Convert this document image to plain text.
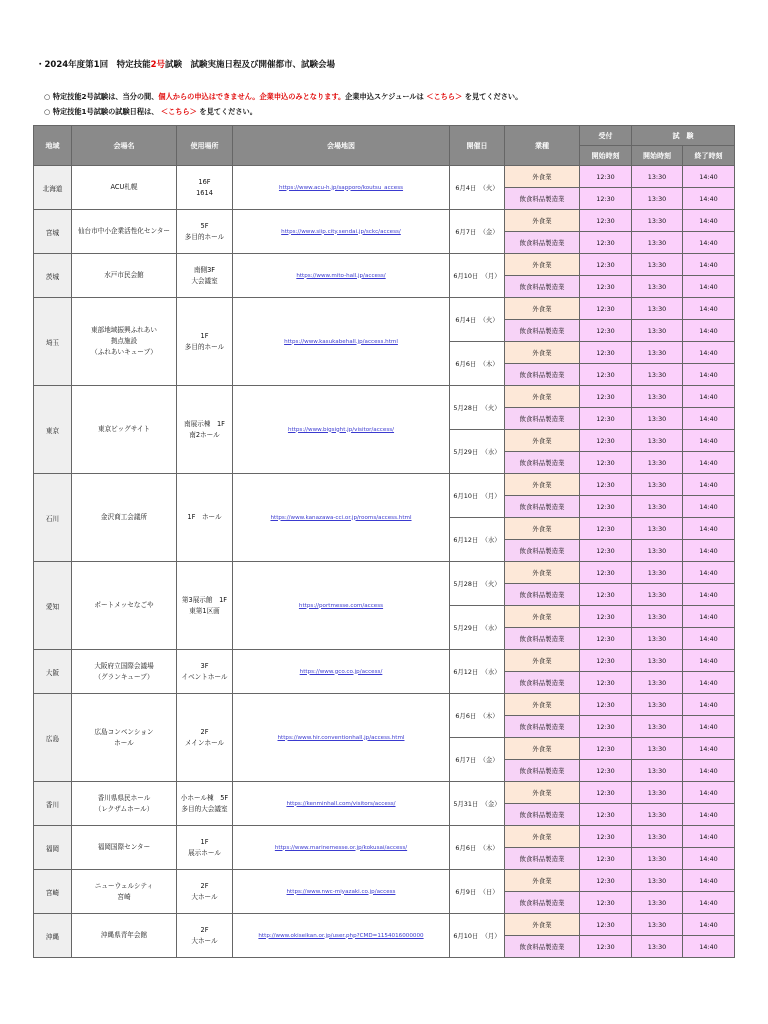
・2024年度第1回　特定技能2号試験　試験実施日程及び開催都市、試験会場
○ 特定技能2号試験は、当分の間、個人からの申込はできません。企業申込のみとなります。企業申込スケジュールは ＜こちら＞ を見てください。
○ 特定技能1号試験の試験日程は、 ＜こちら＞ を見てください。
地域	会場名	使用場所	会場地図	開催日	業種	受付	試　験	
						開始時刻	開始時刻	終了時刻
北海道	ACU札幌	16F
1614	https://www.acu-h.jp/sapporo/koutsu_access	6月4日　（火）	外食業	12:30	13:30	14:40
					飲食料品製造業	12:30	13:30	14:40
宮城	仙台市中小企業活性化センター	5F
多目的ホール	https://www.siip.city.sendai.jp/sckc/access/	6月7日　（金）	外食業	12:30	13:30	14:40
					飲食料品製造業	12:30	13:30	14:40
茨城	水戸市民会館	南側3F
大会議室	https://www.mito-hall.jp/access/	6月10日　（月）	外食業	12:30	13:30	14:40
					飲食料品製造業	12:30	13:30	14:40
埼玉	東部地域振興ふれあい
拠点施設
（ふれあいキューブ）	1F
多目的ホール	https://www.kasukabehall.jp/access.html	6月4日　（火）	外食業	12:30	13:30	14:40
					飲食料品製造業	12:30	13:30	14:40
				6月6日　（木）	外食業	12:30	13:30	14:40
					飲食料品製造業	12:30	13:30	14:40
東京	東京ビッグサイト	南展示棟　1F
南2ホール	https://www.bigsight.jp/visitor/access/	5月28日　（火）	外食業	12:30	13:30	14:40
					飲食料品製造業	12:30	13:30	14:40
				5月29日　（水）	外食業	12:30	13:30	14:40
					飲食料品製造業	12:30	13:30	14:40
石川	金沢商工会議所	1F　ホール	https://www.kanazawa-cci.or.jp/rooms/access.html	6月10日　（月）	外食業	12:30	13:30	14:40
					飲食料品製造業	12:30	13:30	14:40
				6月12日　（水）	外食業	12:30	13:30	14:40
					飲食料品製造業	12:30	13:30	14:40
愛知	ポートメッセなごや	第3展示館　1F
東第1区画	https://portmesse.com/access	5月28日　（火）	外食業	12:30	13:30	14:40
					飲食料品製造業	12:30	13:30	14:40
				5月29日　（水）	外食業	12:30	13:30	14:40
					飲食料品製造業	12:30	13:30	14:40
大阪	大阪府立国際会議場
（グランキューブ）	3F
イベントホール	https://www.gco.co.jp/access/	6月12日　（水）	外食業	12:30	13:30	14:40
					飲食料品製造業	12:30	13:30	14:40
広島	広島コンベンション
ホール	2F
メインホール	https://www.hir.conventionhall.jp/access.html	6月6日　（木）	外食業	12:30	13:30	14:40
					飲食料品製造業	12:30	13:30	14:40
				6月7日　（金）	外食業	12:30	13:30	14:40
					飲食料品製造業	12:30	13:30	14:40
香川	香川県県民ホール
（レクザムホール）	小ホール棟　5F
多目的大会議室	https://kenminhall.com/visitors/access/	5月31日　（金）	外食業	12:30	13:30	14:40
					飲食料品製造業	12:30	13:30	14:40
福岡	福岡国際センター	1F
展示ホール	https://www.marinemesse.or.jp/kokusai/access/	6月6日　（木）	外食業	12:30	13:30	14:40
					飲食料品製造業	12:30	13:30	14:40
宮崎	ニューウェルシティ
宮崎	2F
大ホール	https://www.nwc-miyazaki.co.jp/access	6月9日　（日）	外食業	12:30	13:30	14:40
					飲食料品製造業	12:30	13:30	14:40
沖縄	沖縄県青年会館	2F
大ホール	http://www.okiseikan.or.jp/user.php?CMD=1154016000000	6月10日　（月）	外食業	12:30	13:30	14:40
					飲食料品製造業	12:30	13:30	14:40
